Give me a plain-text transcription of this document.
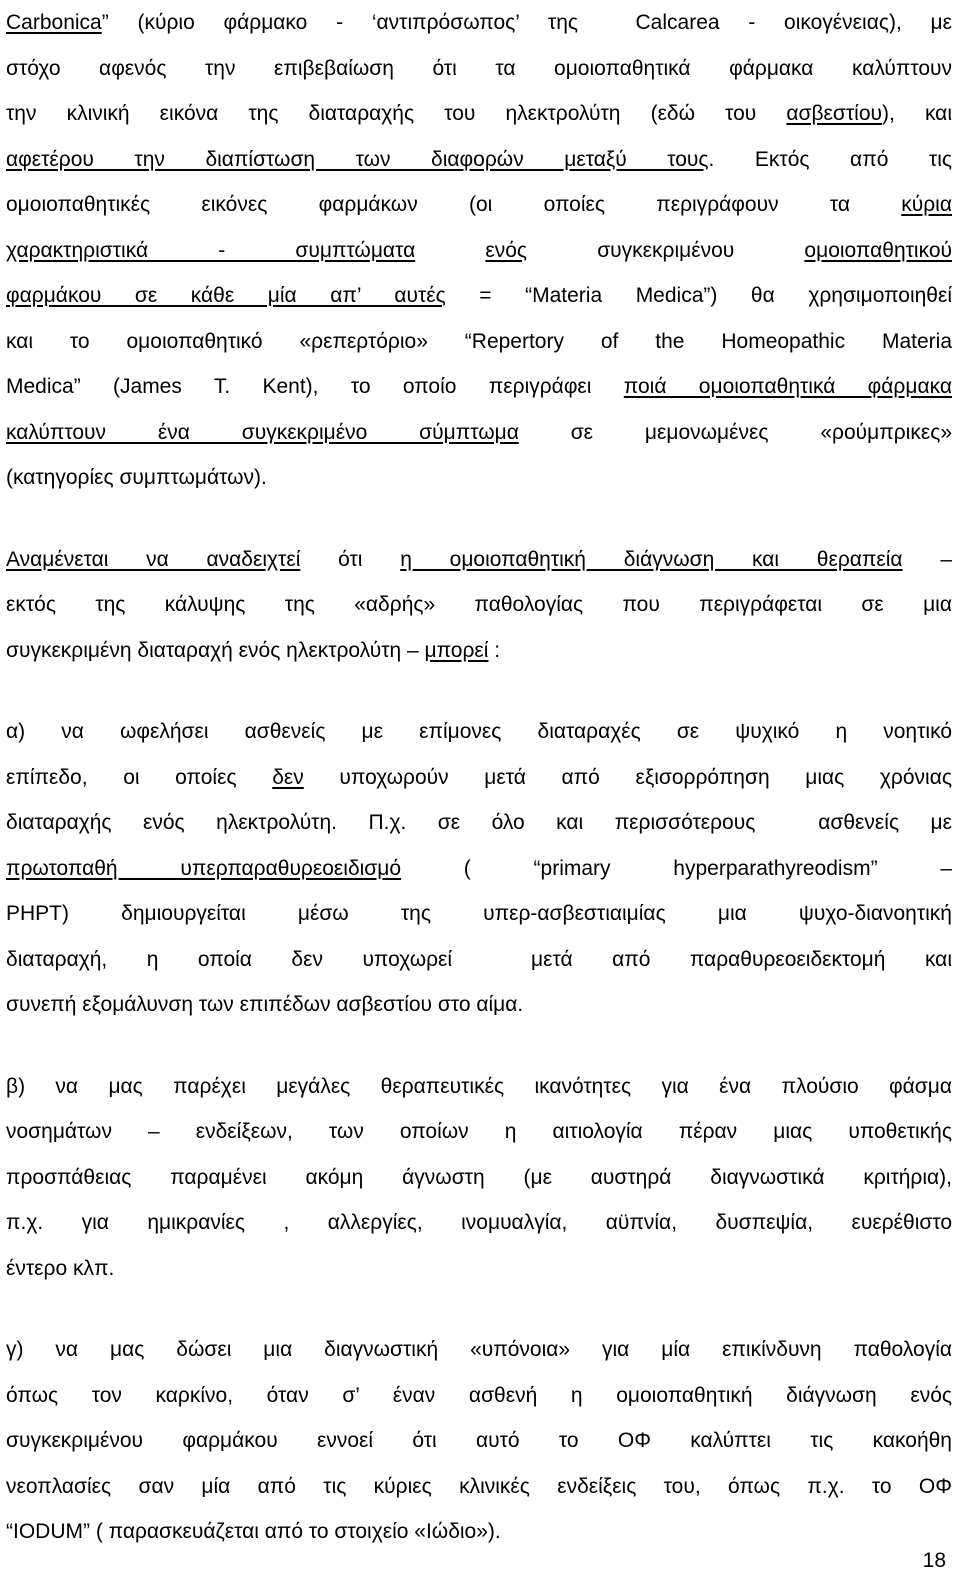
Carbonica” (κύριο φάρμακο - ‘αντιπρόσωπος’ της  Calcarea - οικογένειας), με
στόχο αφενός την επιβεβαίωση ότι τα ομοιοπαθητικά φάρμακα καλύπτουν
την κλινική εικόνα της διαταραχής του ηλεκτρολύτη (εδώ του ασβεστίου), και
αφετέρου την διαπίστωση των διαφορών μεταξύ τους. Εκτός από τις
ομοιοπαθητικές εικόνες φαρμάκων (οι οποίες περιγράφουν τα κύρια
χαρακτηριστικά - συμπτώματα	ενός συγκεκριμένου ομοιοπαθητικού
φαρμάκου σε κάθε μία απ’ αυτές = “Materia Medica”) θα χρησιμοποιηθεί
και το ομοιοπαθητικό «ρεπερτόριο» “Repertory of the Homeopathic Materia
Medica” (James T. Kent), το οποίο περιγράφει ποιά ομοιοπαθητικά φάρμακα
καλύπτουν ένα συγκεκριμένο σύμπτωμα σε μεμονωμένες «ρούμπρικες»
(κατηγορίες συμπτωμάτων).
Αναμένεται να αναδειχτεί ότι η ομοιοπαθητική διάγνωση και θεραπεία –
εκτός της κάλυψης της «αδρής» παθολογίας που περιγράφεται σε μια
συγκεκριμένη διαταραχή ενός ηλεκτρολύτη – μπορεί :
α) να ωφελήσει ασθενείς με επίμονες διαταραχές σε ψυχικό η νοητικό
επίπεδο, οι οποίες δεν υποχωρούν μετά από εξισορρόπηση μιας χρόνιας
διαταραχής ενός ηλεκτρολύτη. Π.χ. σε όλο και περισσότερους  ασθενείς με
πρωτοπαθή υπερπαραθυρεοειδισμό ( “primary hyperparathyreodism” –
PHPT) δημιουργείται μέσω της υπερ-ασβεστιαιμίας μια ψυχο-διανοητική
διαταραχή, η οποία δεν υποχωρεί  μετά από παραθυρεοειδεκτομή και
συνεπή εξομάλυνση των επιπέδων ασβεστίου στο αίμα.
β) να μας παρέχει μεγάλες θεραπευτικές ικανότητες για ένα πλούσιο φάσμα
νοσημάτων – ενδείξεων, των οποίων η αιτιολογία πέραν μιας υποθετικής
προσπάθειας παραμένει ακόμη άγνωστη (με αυστηρά διαγνωστικά κριτήρια),
π.χ. για ημικρανίες , αλλεργίες, ινομυαλγία, αϋπνία, δυσπεψία, ευερέθιστο
έντερο κλπ.
γ) να μας δώσει μια διαγνωστική «υπόνοια» για μία επικίνδυνη παθολογία
όπως τον καρκίνο, όταν σ’ έναν ασθενή η ομοιοπαθητική διάγνωση ενός
συγκεκριμένου φαρμάκου εννοεί ότι αυτό το ΟΦ καλύπτει τις κακοήθη
νεοπλασίες σαν μία από τις κύριες κλινικές ενδείξεις του, όπως π.χ. το ΟΦ
“IODUM” ( παρασκευάζεται από το στοιχείο «Ιώδιο»).
18
